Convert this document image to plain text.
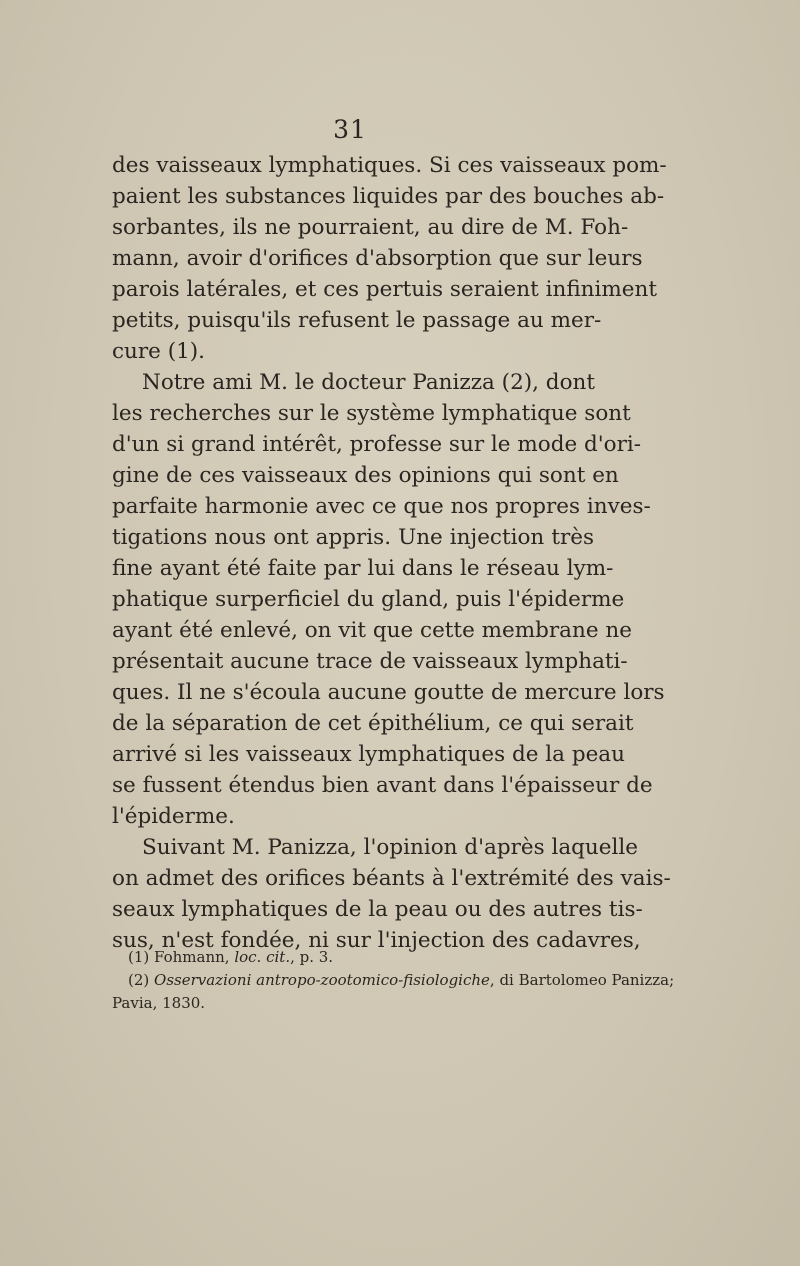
31
des vaisseaux lymphatiques. Si ces vaisseaux pom-
paient les substances liquides par des bouches ab-
sorbantes, ils ne pourraient, au dire de M. Foh-
mann, avoir d'orifices d'absorption que sur leurs
parois latérales, et ces pertuis seraient infiniment
petits, puisqu'ils refusent le passage au mer-
cure (1).
Notre ami M. le docteur Panizza (2), dont
les recherches sur le système lymphatique sont
d'un si grand intérêt, professe sur le mode d'ori-
gine de ces vaisseaux des opinions qui sont en
parfaite harmonie avec ce que nos propres inves-
tigations nous ont appris. Une injection très
fine ayant été faite par lui dans le réseau lym-
phatique surperficiel du gland, puis l'épiderme
ayant été enlevé, on vit que cette membrane ne
présentait aucune trace de vaisseaux lymphati-
ques. Il ne s'écoula aucune goutte de mercure lors
de la séparation de cet épithélium, ce qui serait
arrivé si les vaisseaux lymphatiques de la peau
se fussent étendus bien avant dans l'épaisseur de
l'épiderme.
Suivant M. Panizza, l'opinion d'après laquelle
on admet des orifices béants à l'extrémité des vais-
seaux lymphatiques de la peau ou des autres tis-
sus, n'est fondée, ni sur l'injection des cadavres,
(1) Fohmann, loc. cit., p. 3.
(2) Osservazioni antropo-zootomico-fisiologiche, di Bartolomeo Panizza;
Pavia, 1830.
